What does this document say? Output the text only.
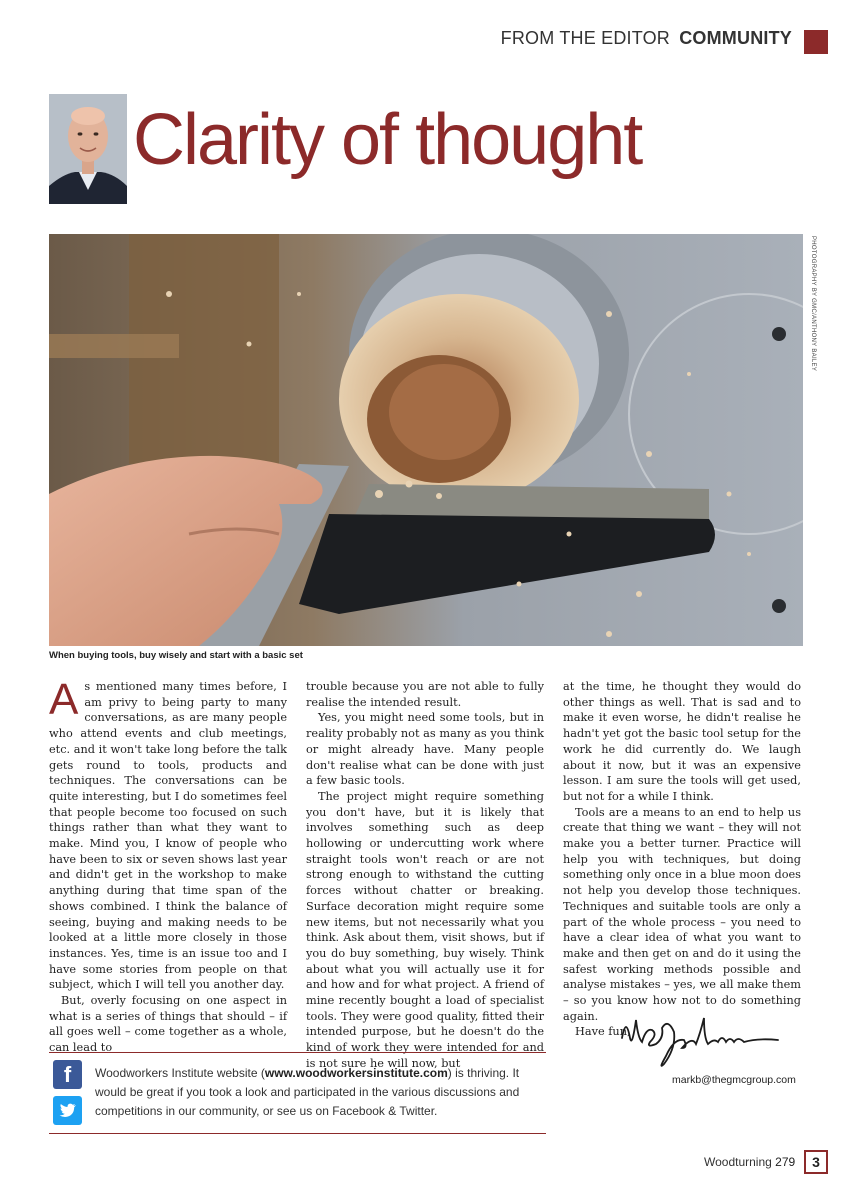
FROM THE EDITOR COMMUNITY
Clarity of thought
PHOTOGRAPHY BY GMC/ANTHONY BAILEY
When buying tools, buy wisely and start with a basic set

As mentioned many times before, I am privy to being party to many conversations, as are many people who attend events and club meetings, etc. and it won't take long before the talk gets round to tools, products and techniques. The conversations can be quite interesting, but I do sometimes feel that people become too focused on such things rather than what they want to make. Mind you, I know of people who have been to six or seven shows last year and didn't get in the workshop to make anything during that time span of the shows combined. I think the balance of seeing, buying and making needs to be looked at a little more closely in those instances. Yes, time is an issue too and I have some stories from people on that subject, which I will tell you another day.

But, overly focusing on one aspect in what is a series of things that should – if all goes well – come together as a whole, can lead to

trouble because you are not able to fully realise the intended result.

Yes, you might need some tools, but in reality probably not as many as you think or might already have. Many people don't realise what can be done with just a few basic tools.

The project might require something you don't have, but it is likely that involves something such as deep hollowing or undercutting work where straight tools won't reach or are not strong enough to withstand the cutting forces without chatter or breaking. Surface decoration might require some new items, but not necessarily what you think. Ask about them, visit shows, but if you do buy something, buy wisely. Think about what you will actually use it for and how and for what project. A friend of mine recently bought a load of specialist tools. They were good quality, fitted their intended purpose, but he doesn't do the kind of work they were intended for and is not sure he will now, but

at the time, he thought they would do other things as well. That is sad and to make it even worse, he didn't realise he hadn't yet got the basic tool setup for the work he did currently do. We laugh about it now, but it was an expensive lesson. I am sure the tools will get used, but not for a while I think.

Tools are a means to an end to help us create that thing we want – they will not make you a better turner. Practice will help you with techniques, but doing something only once in a blue moon does not help you develop those techniques. Techniques and suitable tools are only a part of the whole process – you need to have a clear idea of what you want to make and then get on and do it using the safest working methods possible and analyse mistakes – yes, we all make them – so you know how not to do something again.

Have fun,

markb@thegmcgroup.com
f	Woodworkers Institute website (www.woodworkersinstitute.com) is thriving. It would be great if you took a look and participated in the various discussions and competitions in our community, or see us on Facebook & Twitter.
Woodturning 279	3
